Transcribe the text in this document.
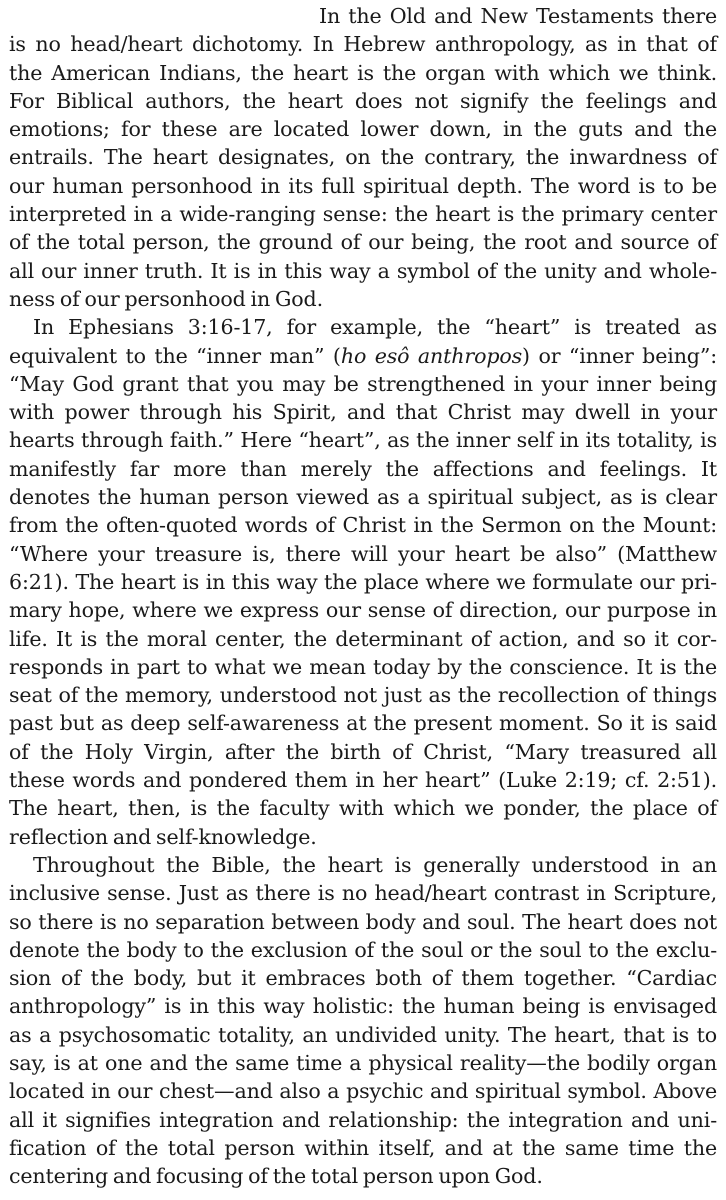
In the Old and New Testaments there
is no head/heart dichotomy. In Hebrew anthropology, as in that of
the American Indians, the heart is the organ with which we think.
For Biblical authors, the heart does not signify the feelings and
emotions; for these are located lower down, in the guts and the
entrails. The heart designates, on the contrary, the inwardness of
our human personhood in its full spiritual depth. The word is to be
interpreted in a wide-ranging sense: the heart is the primary center
of the total person, the ground of our being, the root and source of
all our inner truth. It is in this way a symbol of the unity and whole-
ness of our personhood in God.

In Ephesians 3:16-17, for example, the “heart” is treated as
equivalent to the “inner man” (ho esô anthropos) or “inner being”:
“May God grant that you may be strengthened in your inner being
with power through his Spirit, and that Christ may dwell in your
hearts through faith.” Here “heart”, as the inner self in its totality, is
manifestly far more than merely the affections and feelings. It
denotes the human person viewed as a spiritual subject, as is clear
from the often-quoted words of Christ in the Sermon on the Mount:
“Where your treasure is, there will your heart be also” (Matthew
6:21). The heart is in this way the place where we formulate our pri-
mary hope, where we express our sense of direction, our purpose in
life. It is the moral center, the determinant of action, and so it cor-
responds in part to what we mean today by the conscience. It is the
seat of the memory, understood not just as the recollection of things
past but as deep self-awareness at the present moment. So it is said
of the Holy Virgin, after the birth of Christ, “Mary treasured all
these words and pondered them in her heart” (Luke 2:19; cf. 2:51).
The heart, then, is the faculty with which we ponder, the place of
reflection and self-knowledge.

Throughout the Bible, the heart is generally understood in an
inclusive sense. Just as there is no head/heart contrast in Scripture,
so there is no separation between body and soul. The heart does not
denote the body to the exclusion of the soul or the soul to the exclu-
sion of the body, but it embraces both of them together. “Cardiac
anthropology” is in this way holistic: the human being is envisaged
as a psychosomatic totality, an undivided unity. The heart, that is to
say, is at one and the same time a physical reality—the bodily organ
located in our chest—and also a psychic and spiritual symbol. Above
all it signifies integration and relationship: the integration and uni-
fication of the total person within itself, and at the same time the
centering and focusing of the total person upon God.
